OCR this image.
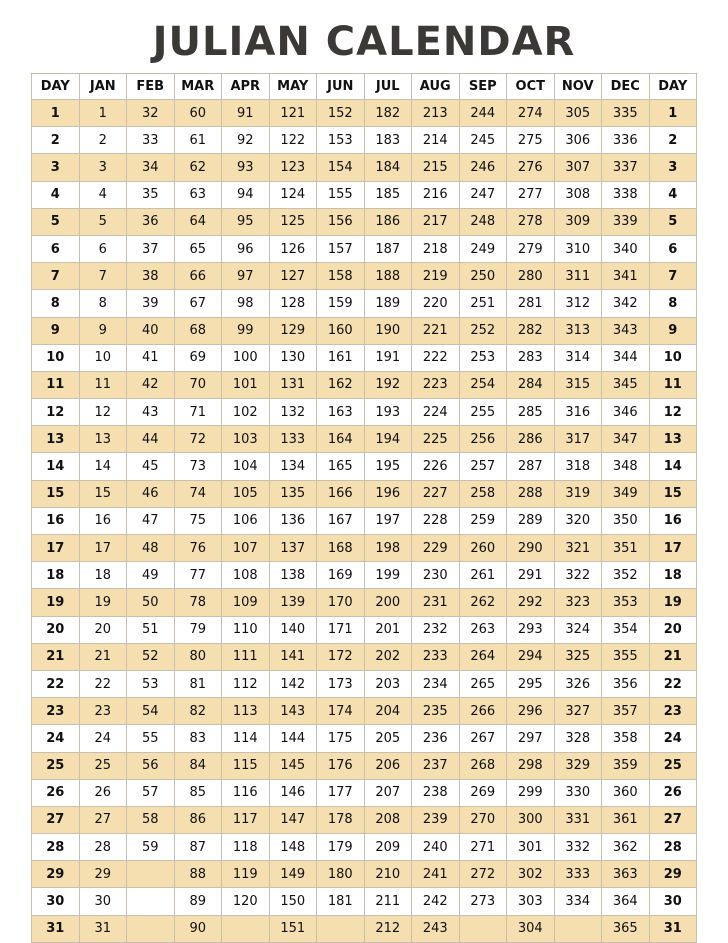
JULIAN CALENDAR
DAY	JAN	FEB	MAR	APR	MAY	JUN	JUL	AUG	SEP	OCT	NOV	DEC	DAY
1	1	32	60	91	121	152	182	213	244	274	305	335	1
2	2	33	61	92	122	153	183	214	245	275	306	336	2
3	3	34	62	93	123	154	184	215	246	276	307	337	3
4	4	35	63	94	124	155	185	216	247	277	308	338	4
5	5	36	64	95	125	156	186	217	248	278	309	339	5
6	6	37	65	96	126	157	187	218	249	279	310	340	6
7	7	38	66	97	127	158	188	219	250	280	311	341	7
8	8	39	67	98	128	159	189	220	251	281	312	342	8
9	9	40	68	99	129	160	190	221	252	282	313	343	9
10	10	41	69	100	130	161	191	222	253	283	314	344	10
11	11	42	70	101	131	162	192	223	254	284	315	345	11
12	12	43	71	102	132	163	193	224	255	285	316	346	12
13	13	44	72	103	133	164	194	225	256	286	317	347	13
14	14	45	73	104	134	165	195	226	257	287	318	348	14
15	15	46	74	105	135	166	196	227	258	288	319	349	15
16	16	47	75	106	136	167	197	228	259	289	320	350	16
17	17	48	76	107	137	168	198	229	260	290	321	351	17
18	18	49	77	108	138	169	199	230	261	291	322	352	18
19	19	50	78	109	139	170	200	231	262	292	323	353	19
20	20	51	79	110	140	171	201	232	263	293	324	354	20
21	21	52	80	111	141	172	202	233	264	294	325	355	21
22	22	53	81	112	142	173	203	234	265	295	326	356	22
23	23	54	82	113	143	174	204	235	266	296	327	357	23
24	24	55	83	114	144	175	205	236	267	297	328	358	24
25	25	56	84	115	145	176	206	237	268	298	329	359	25
26	26	57	85	116	146	177	207	238	269	299	330	360	26
27	27	58	86	117	147	178	208	239	270	300	331	361	27
28	28	59	87	118	148	179	209	240	271	301	332	362	28
29	29		88	119	149	180	210	241	272	302	333	363	29
30	30		89	120	150	181	211	242	273	303	334	364	30
31	31		90		151		212	243		304		365	31
